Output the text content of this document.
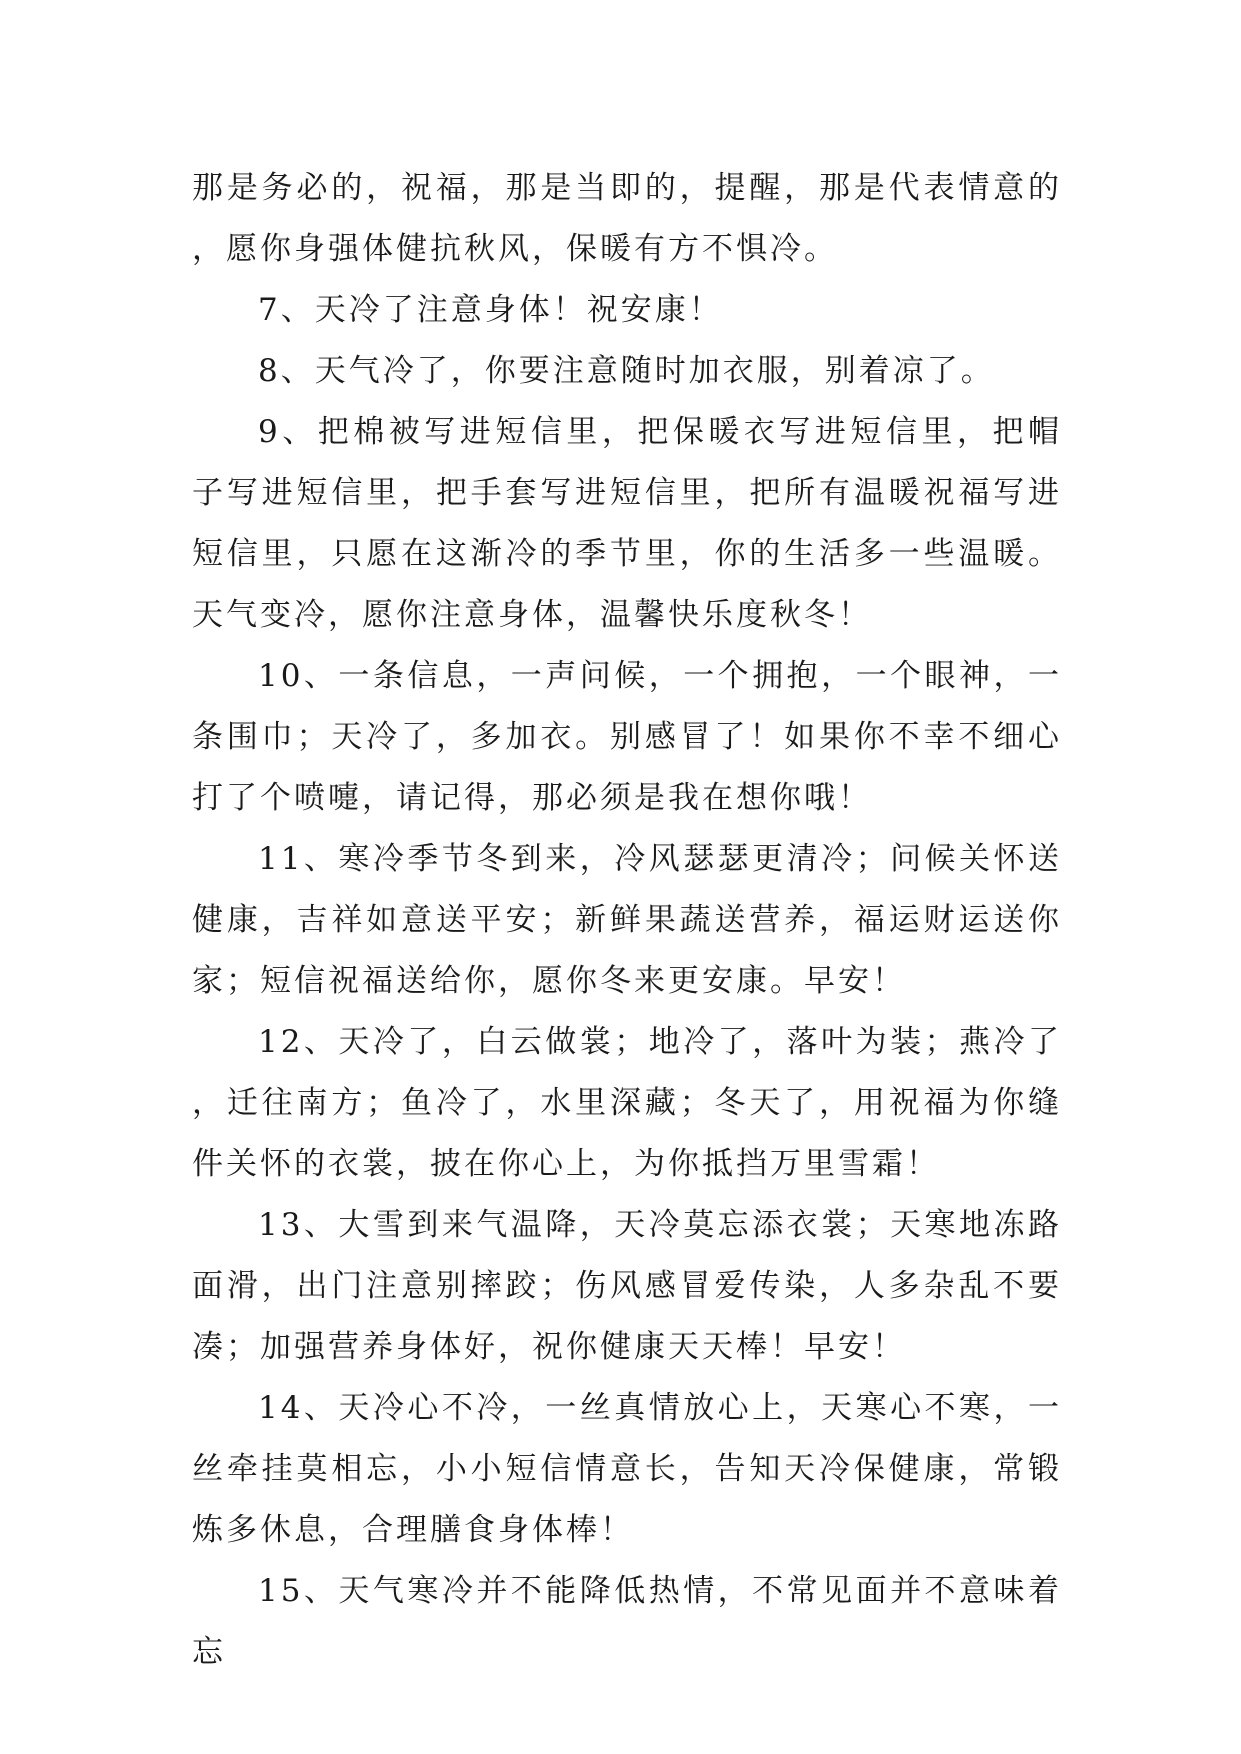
那是务必的，祝福，那是当即的，提醒，那是代表情意的，愿你身强体健抗秋风，保暖有方不惧冷。

7、天冷了注意身体！祝安康！

8、天气冷了，你要注意随时加衣服，别着凉了。

9、把棉被写进短信里，把保暖衣写进短信里，把帽子写进短信里，把手套写进短信里，把所有温暖祝福写进短信里，只愿在这渐冷的季节里，你的生活多一些温暖。天气变冷，愿你注意身体，温馨快乐度秋冬！

10、一条信息，一声问候，一个拥抱，一个眼神，一条围巾；天冷了，多加衣。别感冒了！如果你不幸不细心打了个喷嚏，请记得，那必须是我在想你哦！

11、寒冷季节冬到来，冷风瑟瑟更清冷；问候关怀送健康，吉祥如意送平安；新鲜果蔬送营养，福运财运送你家；短信祝福送给你，愿你冬来更安康。早安！

12、天冷了，白云做裳；地冷了，落叶为装；燕冷了，迁往南方；鱼冷了，水里深藏；冬天了，用祝福为你缝件关怀的衣裳，披在你心上，为你抵挡万里雪霜！

13、大雪到来气温降，天冷莫忘添衣裳；天寒地冻路面滑，出门注意别摔跤；伤风感冒爱传染，人多杂乱不要凑；加强营养身体好，祝你健康天天棒！早安！

14、天冷心不冷，一丝真情放心上，天寒心不寒，一丝牵挂莫相忘，小小短信情意长，告知天冷保健康，常锻炼多休息，合理膳食身体棒！

15、天气寒冷并不能降低热情，不常见面并不意味着忘
